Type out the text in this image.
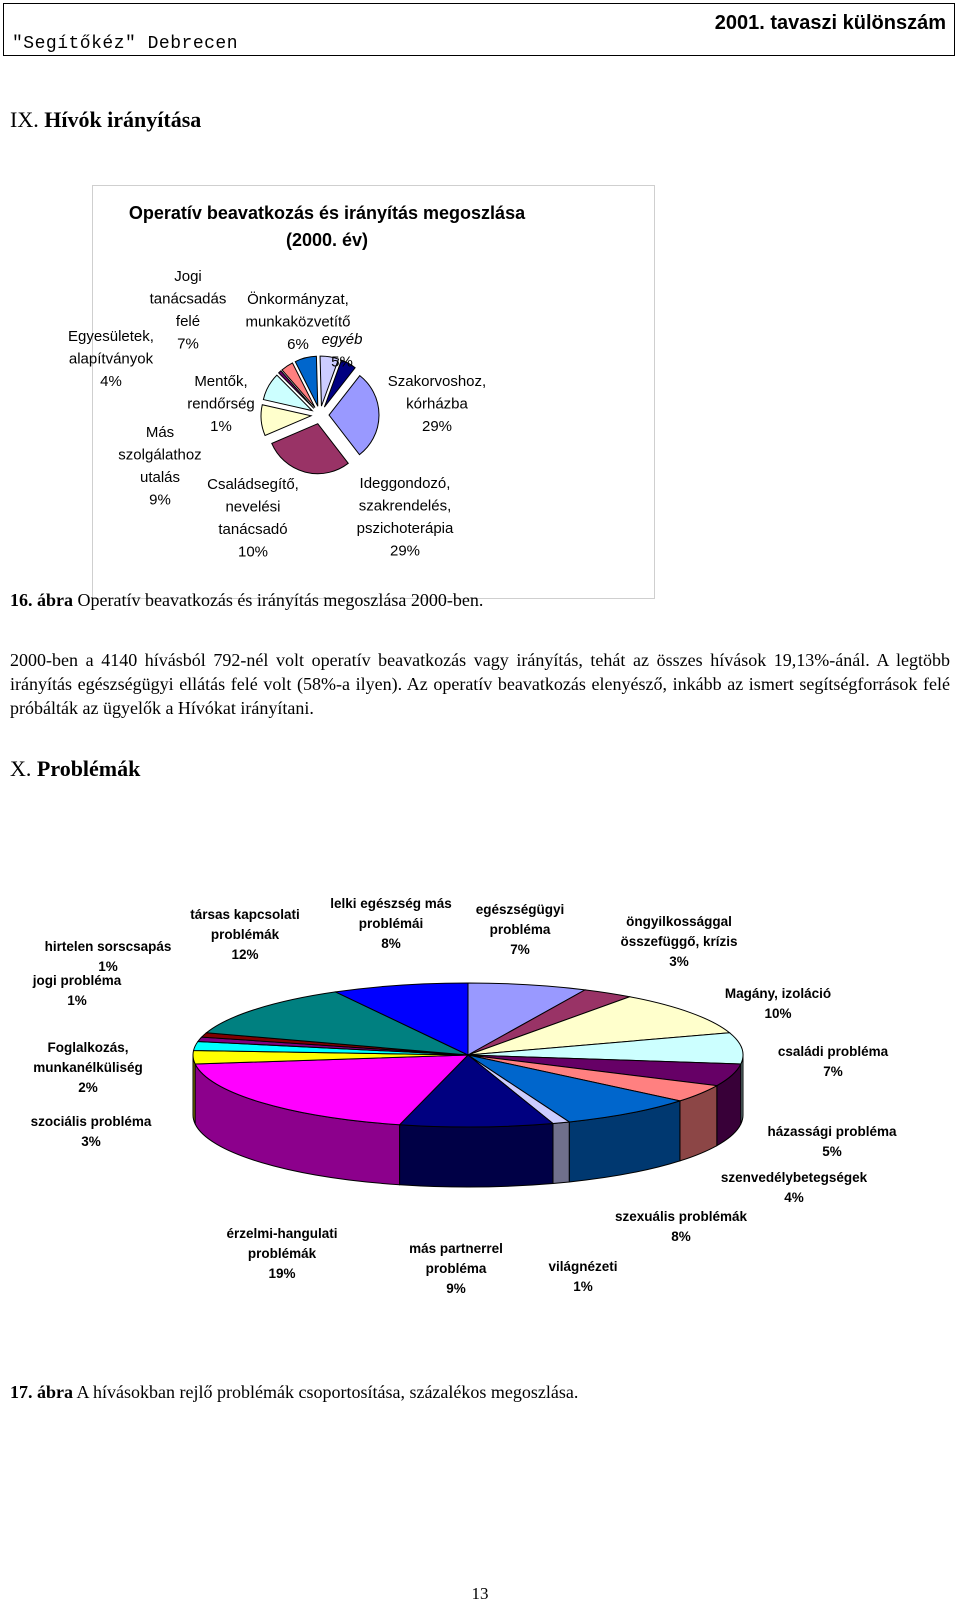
"Segítőkéz" Debrecen
2001. tavaszi különszám
IX. Hívók irányítása
Operatív beavatkozás és irányítás megoszlása
(2000. év)
Szakorvoshoz, kórházba 29%
Ideggondozó, szakrendelés, pszichoterápia 29%
Családsegítő, nevelési tanácsadó 10%
Más szolgálathoz utalás 9%
Mentők, rendőrség 1%
Egyesületek, alapítványok 4%
Jogi tanácsadás felé 7%
Önkormányzat, munkaközvetítő 6% egyéb 5%
16. ábra Operatív beavatkozás és irányítás megoszlása 2000-ben.
2000-ben a 4140 hívásból 792-nél volt operatív beavatkozás vagy irányítás, tehát az összes hívások 19,13%-ánál. A legtöbb irányítás egészségügyi ellátás felé volt (58%-a ilyen). Az operatív beavatkozás elenyésző, inkább az ismert segítségforrások felé próbálták az ügyelők a Hívókat irányítani.
X. Problémák
egészségügyi probléma 7%
öngyilkossággal összefüggő, krízis 3%
Magány, izoláció 10%
családi probléma 7%
házassági probléma 5%
szenvedélybetegségek 4%
szexuális problémák 8%
világnézeti 1%
más partnerrel probléma 9%
érzelmi-hangulati problémák 19%
szociális probléma 3%
Foglalkozás, munkanélküliség 2%
jogi probléma 1%
hirtelen sorscsapás 1%
társas kapcsolati problémák 12%
lelki egészség más problémái 8%
17. ábra A hívásokban rejlő problémák csoportosítása, százalékos megoszlása.
13
